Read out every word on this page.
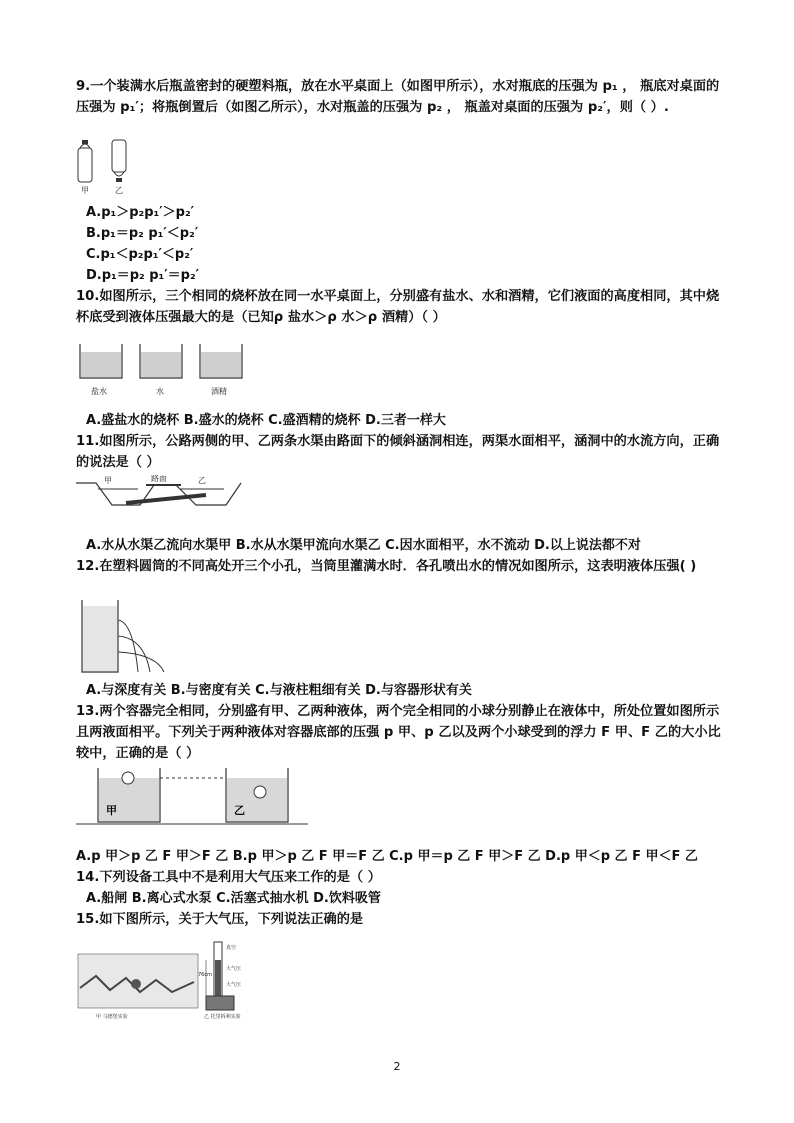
9.一个装满水后瓶盖密封的硬塑料瓶，放在水平桌面上（如图甲所示），水对瓶底的压强为 p₁ ， 瓶底对桌面的压强为 p₁′；将瓶倒置后（如图乙所示），水对瓶盖的压强为 p₂ ， 瓶盖对桌面的压强为 p₂′，则（ ）.
甲	乙
A.p₁＞p₂p₁′＞p₂′
B.p₁＝p₂ p₁′＜p₂′
C.p₁＜p₂p₁′＜p₂′
D.p₁＝p₂ p₁′＝p₂′
10.如图所示，三个相同的烧杯放在同一水平桌面上，分别盛有盐水、水和酒精，它们液面的高度相同，其中烧杯底受到液体压强最大的是（已知ρ 盐水＞ρ 水＞ρ 酒精）（ ）
盐水	水	酒精
A.盛盐水的烧杯 B.盛水的烧杯 C.盛酒精的烧杯 D.三者一样大
11.如图所示，公路两侧的甲、乙两条水渠由路面下的倾斜涵洞相连，两渠水面相平，涵洞中的水流方向，正确的说法是（ ）
甲	路面	乙
A.水从水渠乙流向水渠甲 B.水从水渠甲流向水渠乙 C.因水面相平，水不流动 D.以上说法都不对
12.在塑料圆筒的不同高处开三个小孔，当筒里灌满水时．各孔喷出水的情况如图所示，这表明液体压强( )
A.与深度有关 B.与密度有关 C.与液柱粗细有关 D.与容器形状有关
13.两个容器完全相同，分别盛有甲、乙两种液体，两个完全相同的小球分别静止在液体中，所处位置如图所示且两液面相平。下列关于两种液体对容器底部的压强 p 甲、p 乙以及两个小球受到的浮力 F 甲、F 乙的大小比较中，正确的是（ ）
甲	乙
A.p 甲＞p 乙 F 甲＞F 乙 B.p 甲＞p 乙 F 甲＝F 乙 C.p 甲＝p 乙 F 甲＞F 乙 D.p 甲＜p 乙 F 甲＜F 乙
14.下列设备工具中不是利用大气压来工作的是（ ）
A.船闸 B.离心式水泵 C.活塞式抽水机 D.饮料吸管
15.如下图所示，关于大气压，下列说法正确的是
真空
76cm
大气压
大气压
甲 马德堡实验	乙 托里拆利实验
2
